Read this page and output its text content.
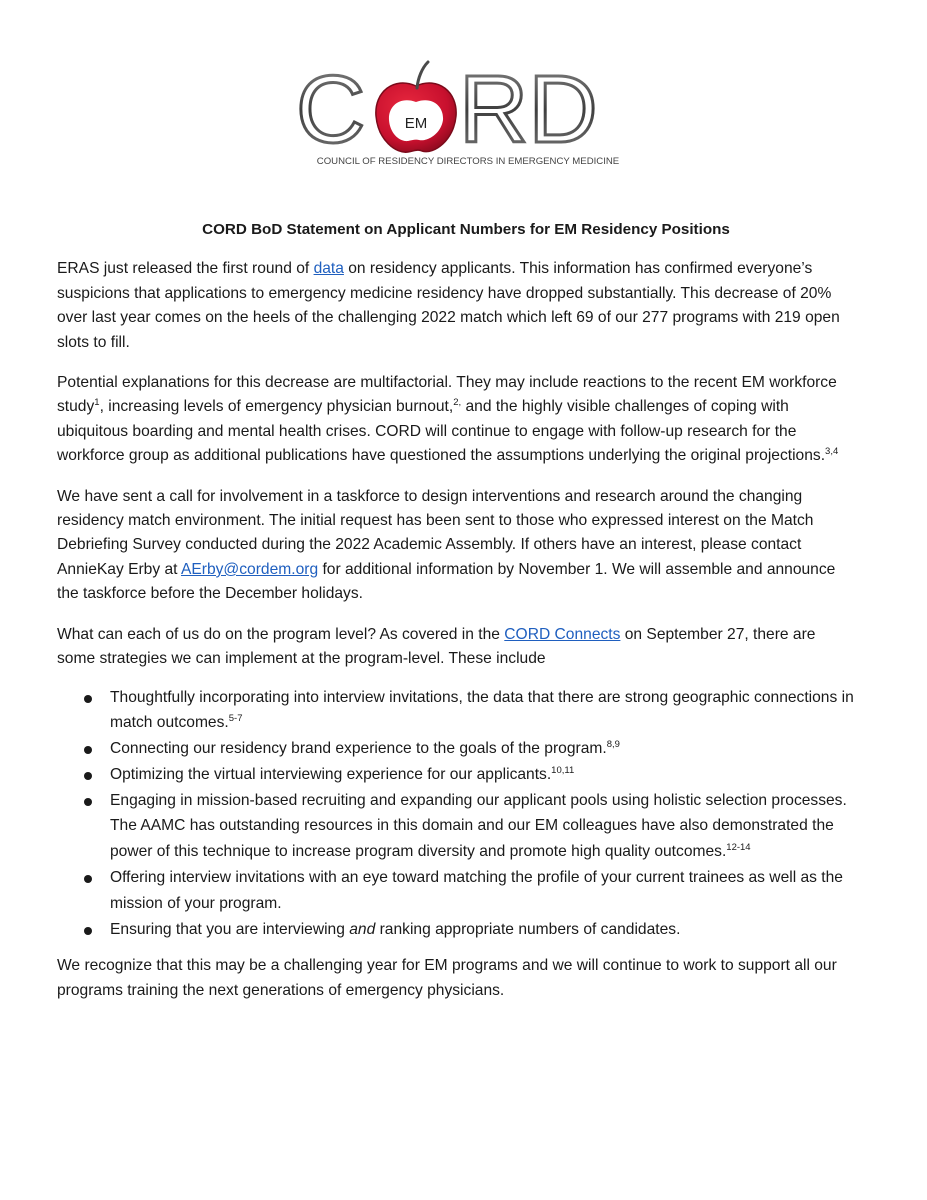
C	EM RD
COUNCIL OF RESIDENCY DIRECTORS IN EMERGENCY MEDICINE
CORD BoD Statement on Applicant Numbers for EM Residency Positions

ERAS just released the first round of data on residency applicants. This information has confirmed everyone’s suspicions that applications to emergency medicine residency have dropped substantially. This decrease of 20% over last year comes on the heels of the challenging 2022 match which left 69 of our 277 programs with 219 open slots to fill.

Potential explanations for this decrease are multifactorial. They may include reactions to the recent EM workforce study$^1$, increasing levels of emergency physician burnout,$^{2,}$ and the highly visible challenges of coping with ubiquitous boarding and mental health crises. CORD will continue to engage with follow-up research for the workforce group as additional publications have questioned the assumptions underlying the original projections.$^{3,4}$

We have sent a call for involvement in a taskforce to design interventions and research around the changing residency match environment. The initial request has been sent to those who expressed interest on the Match Debriefing Survey conducted during the 2022 Academic Assembly. If others have an interest, please contact AnnieKay Erby at AErby@cordem.org for additional information by November 1. We will assemble and announce the taskforce before the December holidays.

What can each of us do on the program level? As covered in the CORD Connects on September 27, there are some strategies we can implement at the program-level. These include

Thoughtfully incorporating into interview invitations, the data that there are strong geographic connections in match outcomes.$^{5-7}$
Connecting our residency brand experience to the goals of the program.$^{8,9}$
Optimizing the virtual interviewing experience for our applicants.$^{10,11}$
Engaging in mission-based recruiting and expanding our applicant pools using holistic selection processes. The AAMC has outstanding resources in this domain and our EM colleagues have also demonstrated the power of this technique to increase program diversity and promote high quality outcomes.$^{12-14}$
Offering interview invitations with an eye toward matching the profile of your current trainees as well as the mission of your program.
Ensuring that you are interviewing and ranking appropriate numbers of candidates.

We recognize that this may be a challenging year for EM programs and we will continue to work to support all our programs training the next generations of emergency physicians.
